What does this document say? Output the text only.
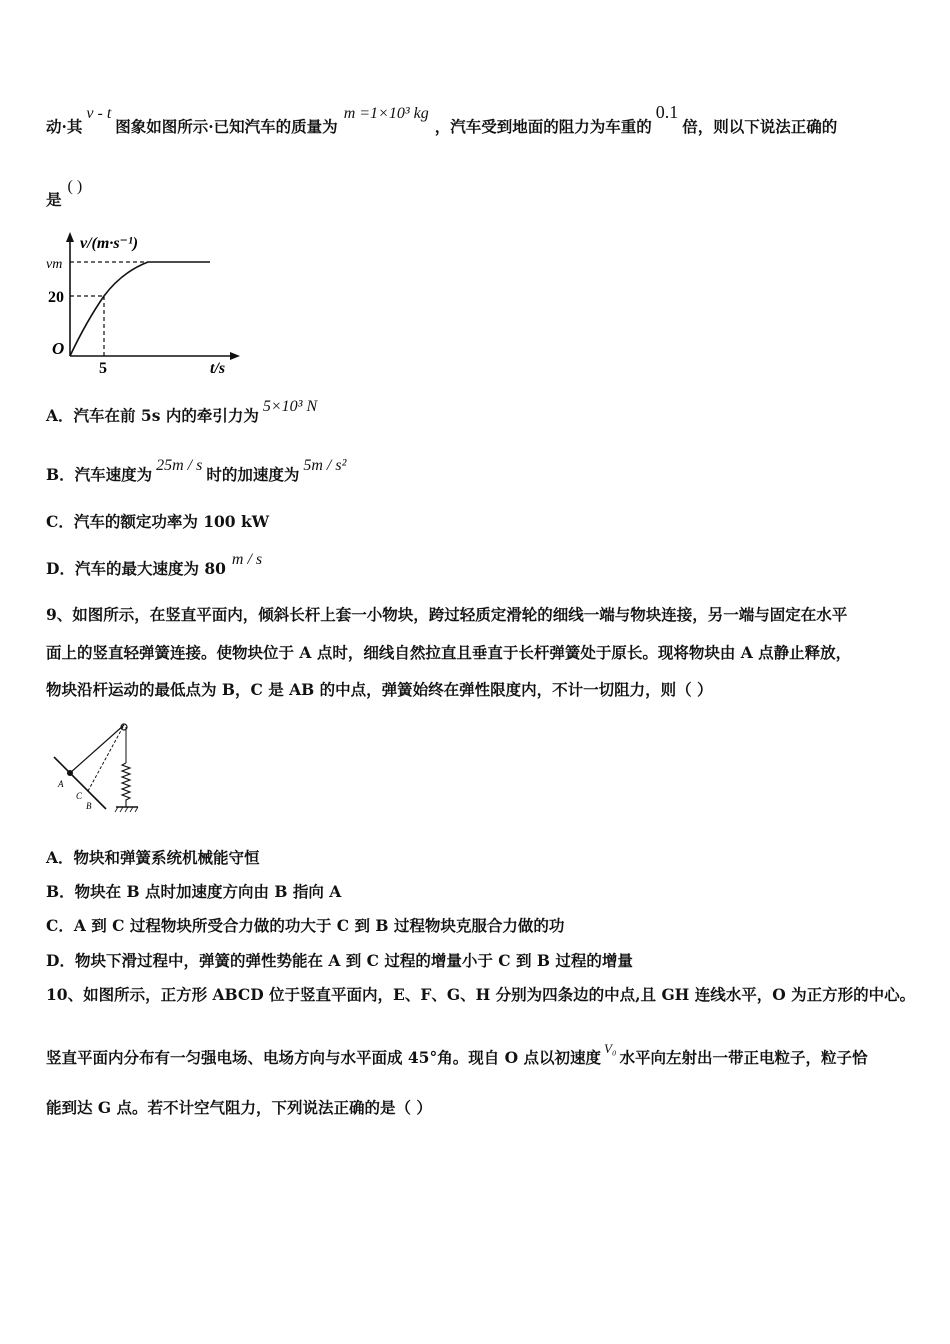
动·其v - t图象如图所示·已知汽车的质量为m =1×10³ kg，汽车受到地面的阻力为车重的0.1倍，则以下说法正确的
是( )
v/(m·s⁻¹)
vm
20
O
5	t/s
A．汽车在前 5s 内的牵引力为 5×10³ N
B．汽车速度为 25m / s 时的加速度为 5m / s²
C．汽车的额定功率为 100 kW
D．汽车的最大速度为 80 m / s
9、如图所示，在竖直平面内，倾斜长杆上套一小物块，跨过轻质定滑轮的细线一端与物块连接，另一端与固定在水平
面上的竖直轻弹簧连接。使物块位于 A 点时，细线自然拉直且垂直于长杆弹簧处于原长。现将物块由 A 点静止释放，
物块沿杆运动的最低点为 B，C 是 AB 的中点，弹簧始终在弹性限度内，不计一切阻力，则（ ）
A
C
B
A．物块和弹簧系统机械能守恒
B．物块在 B 点时加速度方向由 B 指向 A
C．A 到 C 过程物块所受合力做的功大于 C 到 B 过程物块克服合力做的功
D．物块下滑过程中，弹簧的弹性势能在 A 到 C 过程的增量小于 C 到 B 过程的增量
10、如图所示，正方形 ABCD 位于竖直平面内，E、F、G、H 分别为四条边的中点,且 GH 连线水平，O 为正方形的中心。
竖直平面内分布有一匀强电场、电场方向与水平面成 45°角。现自 O 点以初速度 $^{V_0}$ 水平向左射出一带正电粒子，粒子恰
能到达 G 点。若不计空气阻力，下列说法正确的是（ ）
